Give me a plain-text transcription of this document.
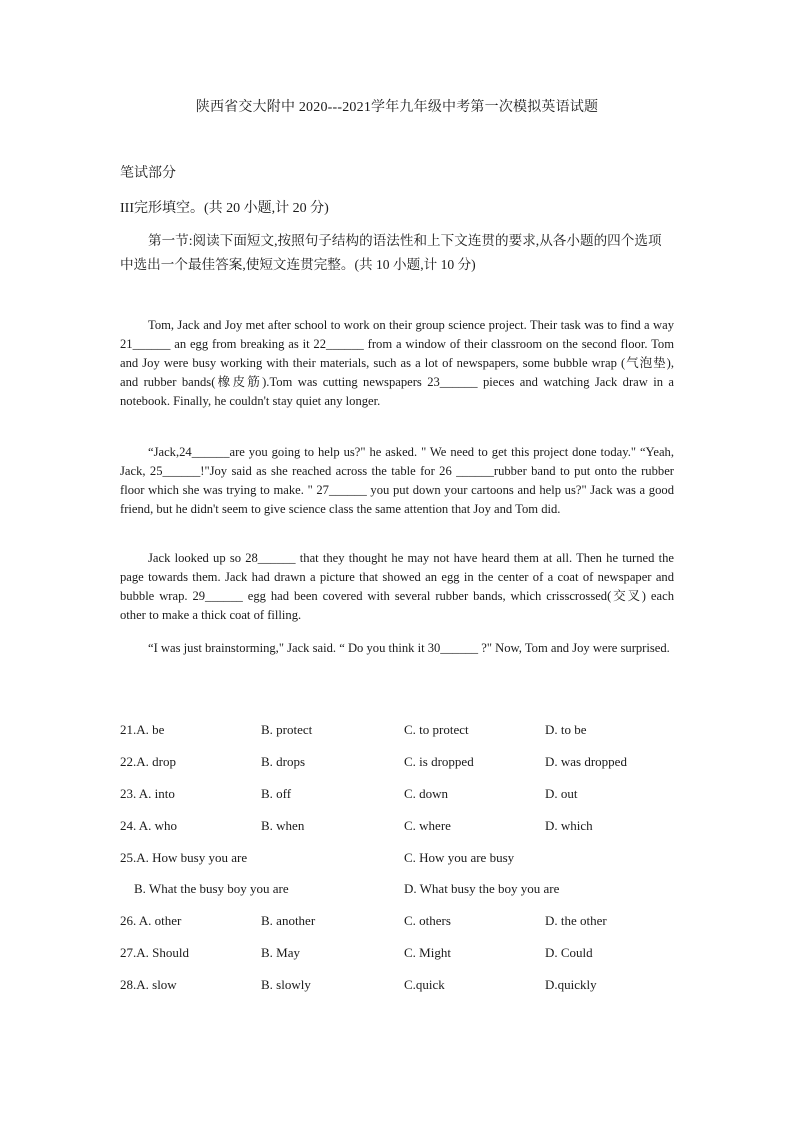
陕西省交大附中 2020---2021学年九年级中考第一次模拟英语试题
笔试部分
III完形填空。(共 20 小题,计 20 分)

第一节:阅读下面短文,按照句子结构的语法性和上下文连贯的要求,从各小题的四个选项中选出一个最佳答案,使短文连贯完整。(共 10 小题,计 10 分)

Tom, Jack and Joy met after school to work on their group science project. Their task was to find a way 21______ an egg from breaking as it 22______ from a window of their classroom on the second floor. Tom and Joy were busy working with their materials, such as a lot of newspapers, some bubble wrap (气泡垫), and rubber bands(橡皮筋).Tom was cutting newspapers 23______ pieces and watching Jack draw in a notebook. Finally, he couldn't stay quiet any longer.

“Jack,24______are you going to help us?" he asked. " We need to get this project done today." “Yeah, Jack, 25______!"Joy said as she reached across the table for 26 ______rubber band to put onto the rubber floor which she was trying to make. " 27______ you put down your cartoons and help us?" Jack was a good friend, but he didn't seem to give science class the same attention that Joy and Tom did.

Jack looked up so 28______ that they thought he may not have heard them at all. Then he turned the page towards them. Jack had drawn a picture that showed an egg in the center of a coat of newspaper and bubble wrap. 29______ egg had been covered with several rubber bands, which crisscrossed(交叉) each other to make a thick coat of filling.

“I was just brainstorming," Jack said. “ Do you think it 30______ ?" Now, Tom and Joy were surprised.

21.A. be	B. protect	C. to protect	D. to be
22.A. drop	B. drops	C. is dropped	D. was dropped
23. A. into	B. off	C. down	D. out
24. A. who	B. when	C. where	D. which
25.A. How busy you are	C. How you are busy
B. What the busy boy you are	D. What busy the boy you are
26. A. other	B. another	C. others	D. the other
27.A. Should	B. May	C. Might	D. Could
28.A. slow	B. slowly	C.quick	D.quickly
